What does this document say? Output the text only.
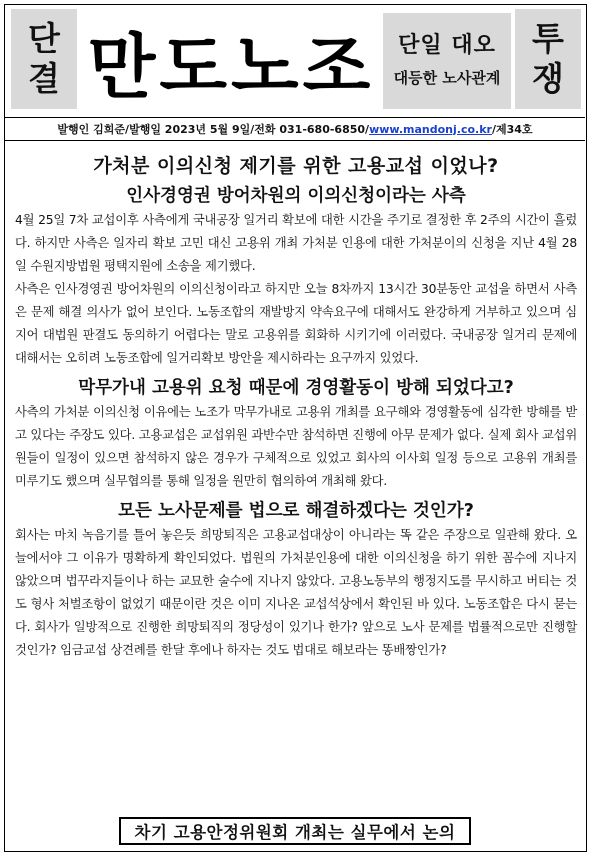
단
결 만도노조 단일 대오
대등한 노사관계
투
쟁
발행인
김희준 / 발행일 2023년 5월 9일 / 전화 031-680-6850 / www.mandonj.co.kr / 제34호
가처분 이의신청 제기를 위한 고용교섭 이었나?
인사경영권 방어차원의 이의신청이라는 사측

4월 25일 7차 교섭이후 사측에게 국내공장 일거리 확보에 대한 시간을 주기로 결정한 후 2주의 시간이 흘렀다. 하지만 사측은 일자리 확보 고민 대신 고용위 개최 가처분 인용에 대한 가처분이의 신청을 지난 4월 28일 수원지방법원 평택지원에 소송을 제기했다.

사측은 인사경영권 방어차원의 이의신청이라고 하지만 오늘 8차까지 13시간 30분동안 교섭을 하면서 사측은 문제 해결 의사가 없어 보인다. 노동조합의 재발방지 약속요구에 대해서도 완강하게 거부하고 있으며 심지어 대법원 판결도 동의하기 어렵다는 말로 고용위를 회화하 시키기에 이러렀다. 국내공장 일거리 문제에 대해서는 오히려 노동조합에 일거리확보 방안을 제시하라는 요구까지 있었다.

막무가내 고용위 요청 때문에 경영활동이 방해 되었다고?

사측의 가처분 이의신청 이유에는 노조가 막무가내로 고용위 개최를 요구해와 경영활동에 심각한 방해를 받고 있다는 주장도 있다. 고용교섭은 교섭위원 과반수만 참석하면 진행에 아무 문제가 없다. 실제 회사 교섭위원들이 일정이 있으면 참석하지 않은 경우가 구체적으로 있었고 회사의 이사회 일정 등으로 고용위 개최를 미루기도 했으며 실무협의를 통해 일정을 원만히 협의하여 개최해 왔다.

모든 노사문제를 법으로 해결하겠다는 것인가?

회사는 마치 녹음기를 틀어 놓은듯 희망퇴직은 고용교섭대상이 아니라는 똑 같은 주장으로 일관해 왔다. 오늘에서야 그 이유가 명확하게 확인되었다. 법원의 가처분인용에 대한 이의신청을 하기 위한 꼼수에 지나지 않았으며 법꾸라지들이나 하는 교묘한 술수에 지나지 않았다. 고용노동부의 행정지도를 무시하고 버티는 것도 형사 처벌조항이 없었기 때문이란 것은 이미 지나온 교섭석상에서 확인된 바 있다. 노동조합은 다시 묻는다. 회사가 일방적으로 진행한 희망퇴직의 정당성이 있기나 한가? 앞으로 노사 문제를 법률적으로만 진행할 것인가? 임금교섭 상견례를 한달 후에나 하자는 것도 법대로 해보라는 똥배짱인가?

차기 고용안정위원회 개최는 실무에서 논의
